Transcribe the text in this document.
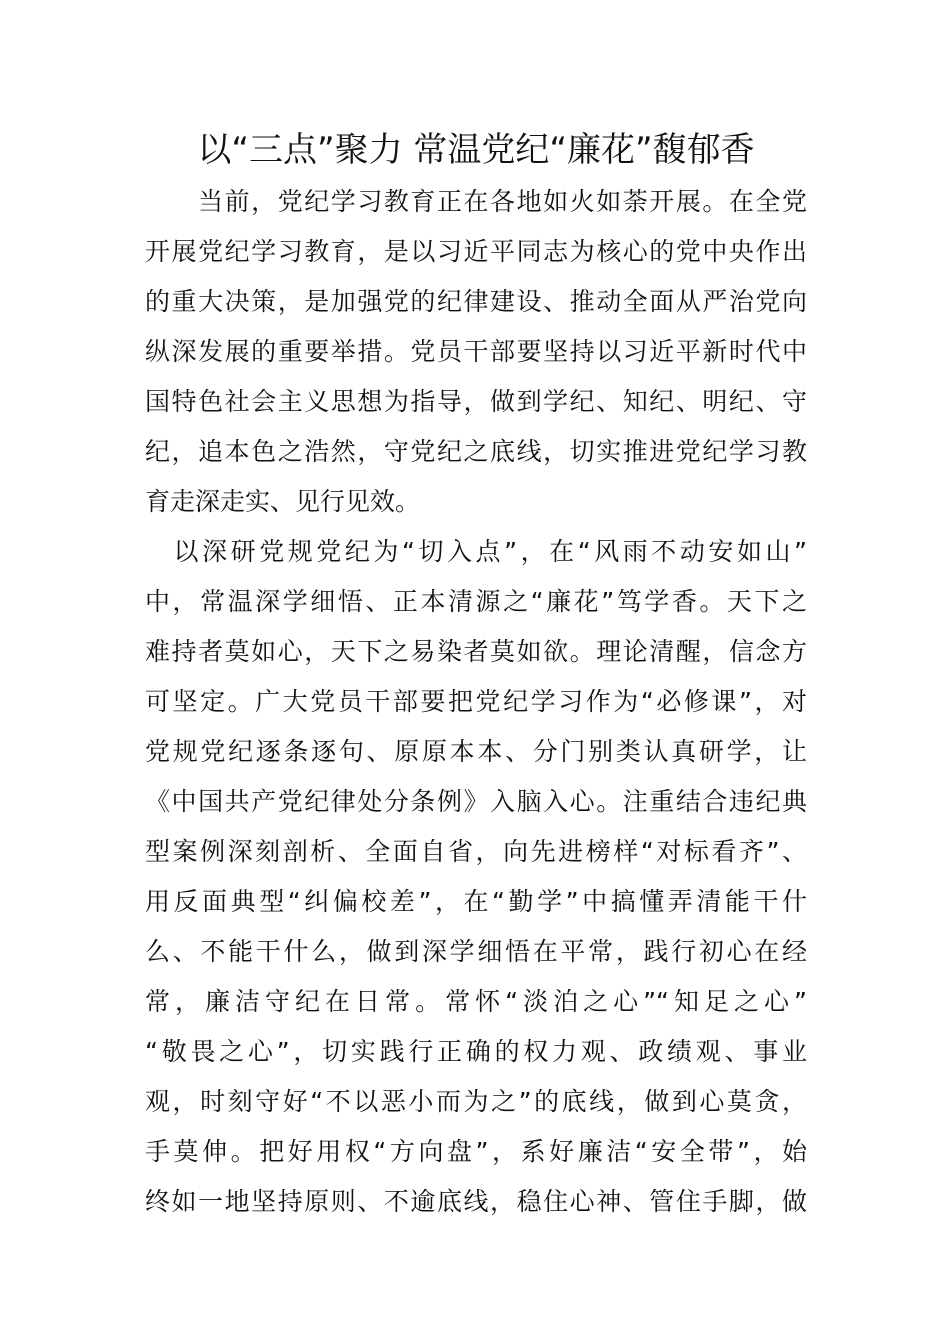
以“三点”聚力 常温党纪“廉花”馥郁香

　　当前，党纪学习教育正在各地如火如荼开展。在全党

开展党纪学习教育，是以习近平同志为核心的党中央作出

的重大决策，是加强党的纪律建设、推动全面从严治党向

纵深发展的重要举措。党员干部要坚持以习近平新时代中

国特色社会主义思想为指导，做到学纪、知纪、明纪、守

纪，追本色之浩然，守党纪之底线，切实推进党纪学习教

育走深走实、见行见效。

　以深研党规党纪为“切入点”，在“风雨不动安如山”

中，常温深学细悟、正本清源之“廉花”笃学香。天下之

难持者莫如心，天下之易染者莫如欲。理论清醒，信念方

可坚定。广大党员干部要把党纪学习作为“必修课”，对

党规党纪逐条逐句、原原本本、分门别类认真研学，让

《中国共产党纪律处分条例》入脑入心。注重结合违纪典

型案例深刻剖析、全面自省，向先进榜样“对标看齐”、

用反面典型“纠偏校差”，在“勤学”中搞懂弄清能干什

么、不能干什么，做到深学细悟在平常，践行初心在经

常，廉洁守纪在日常。常怀“淡泊之心”“知足之心”

“敬畏之心”，切实践行正确的权力观、政绩观、事业

观，时刻守好“不以恶小而为之”的底线，做到心莫贪，

手莫伸。把好用权“方向盘”，系好廉洁“安全带”，始

终如一地坚持原则、不逾底线，稳住心神、管住手脚，做
